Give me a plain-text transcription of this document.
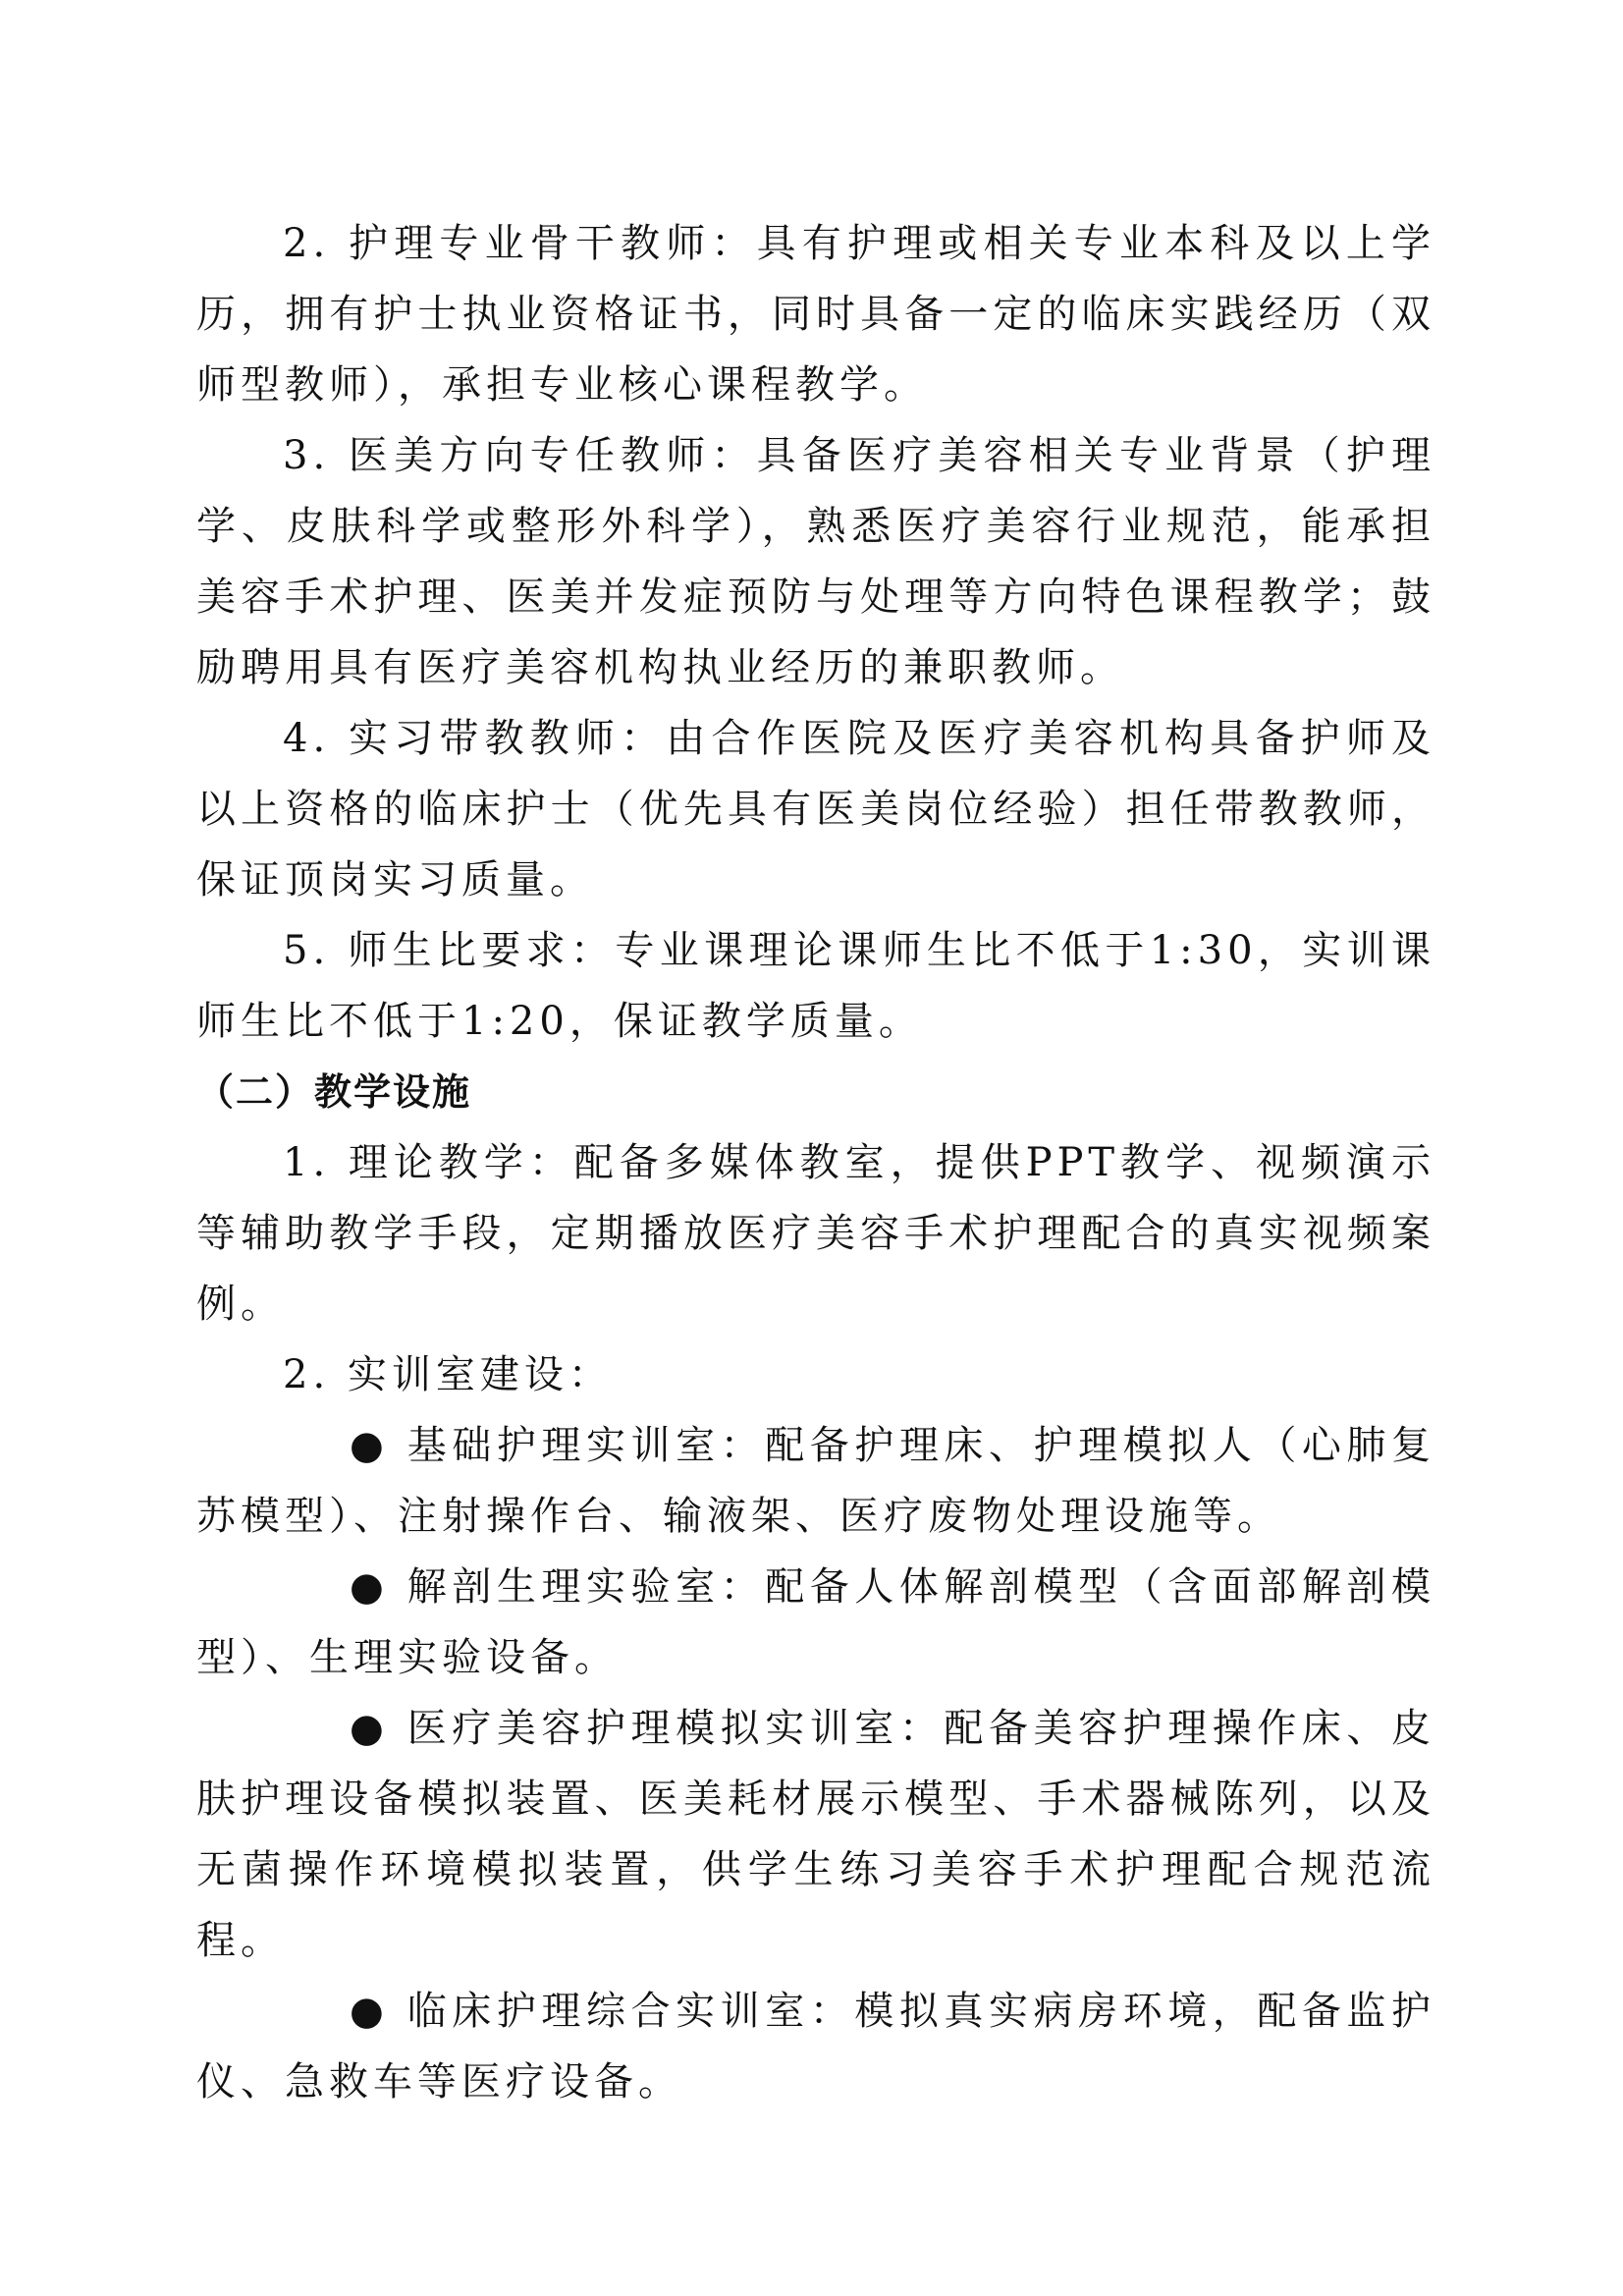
2. 护理专业骨干教师：具有护理或相关专业本科及以上学历，拥有护士执业资格证书，同时具备一定的临床实践经历（双师型教师），承担专业核心课程教学。

3. 医美方向专任教师：具备医疗美容相关专业背景（护理学、皮肤科学或整形外科学），熟悉医疗美容行业规范，能承担美容手术护理、医美并发症预防与处理等方向特色课程教学；鼓励聘用具有医疗美容机构执业经历的兼职教师。

4. 实习带教教师：由合作医院及医疗美容机构具备护师及以上资格的临床护士（优先具有医美岗位经验）担任带教教师，保证顶岗实习质量。

5. 师生比要求：专业课理论课师生比不低于1:30，实训课师生比不低于1:20，保证教学质量。

（二）教学设施

1. 理论教学：配备多媒体教室，提供PPT教学、视频演示等辅助教学手段，定期播放医疗美容手术护理配合的真实视频案例。

2. 实训室建设：

● 基础护理实训室：配备护理床、护理模拟人（心肺复苏模型）、注射操作台、输液架、医疗废物处理设施等。

● 解剖生理实验室：配备人体解剖模型（含面部解剖模型）、生理实验设备。

● 医疗美容护理模拟实训室：配备美容护理操作床、皮肤护理设备模拟装置、医美耗材展示模型、手术器械陈列，以及无菌操作环境模拟装置，供学生练习美容手术护理配合规范流程。

● 临床护理综合实训室：模拟真实病房环境，配备监护仪、急救车等医疗设备。
